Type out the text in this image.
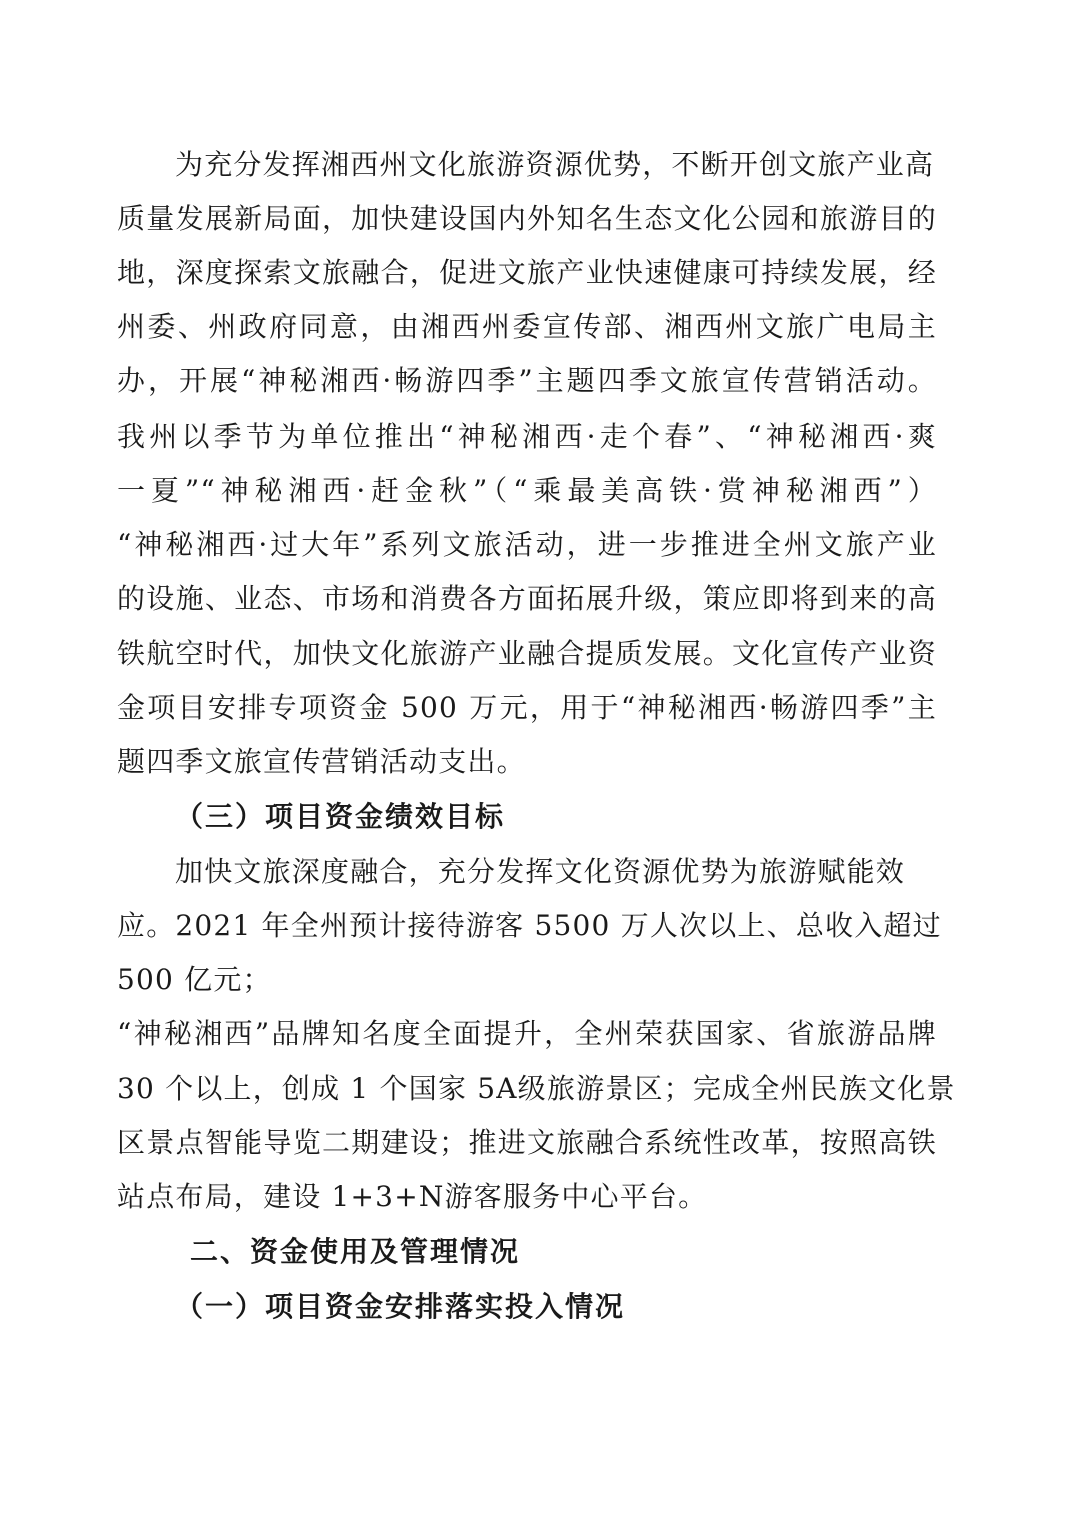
为充分发挥湘西州文化旅游资源优势，不断开创文旅产业高
质量发展新局面，加快建设国内外知名生态文化公园和旅游目的
地，深度探索文旅融合，促进文旅产业快速健康可持续发展，经
州委、州政府同意，由湘西州委宣传部、湘西州文旅广电局主
办，开展“神秘湘西·畅游四季”主题四季文旅宣传营销活动。
我州以季节为单位推出“神秘湘西·走个春”、“神秘湘西·爽
一夏”“神秘湘西·赶金秋”（“乘最美高铁·赏神秘湘西”）
“神秘湘西·过大年”系列文旅活动，进一步推进全州文旅产业
的设施、业态、市场和消费各方面拓展升级，策应即将到来的高
铁航空时代，加快文化旅游产业融合提质发展。文化宣传产业资
金项目安排专项资金 500 万元，用于“神秘湘西·畅游四季”主
题四季文旅宣传营销活动支出。
（三）项目资金绩效目标
加快文旅深度融合，充分发挥文化资源优势为旅游赋能效
应。2021 年全州预计接待游客 5500 万人次以上、总收入超过
500 亿元；
“神秘湘西”品牌知名度全面提升，全州荣获国家、省旅游品牌
30 个以上，创成 1 个国家 5A级旅游景区；完成全州民族文化景
区景点智能导览二期建设；推进文旅融合系统性改革，按照高铁
站点布局，建设 1+3+N游客服务中心平台。
二、资金使用及管理情况
（一）项目资金安排落实投入情况
